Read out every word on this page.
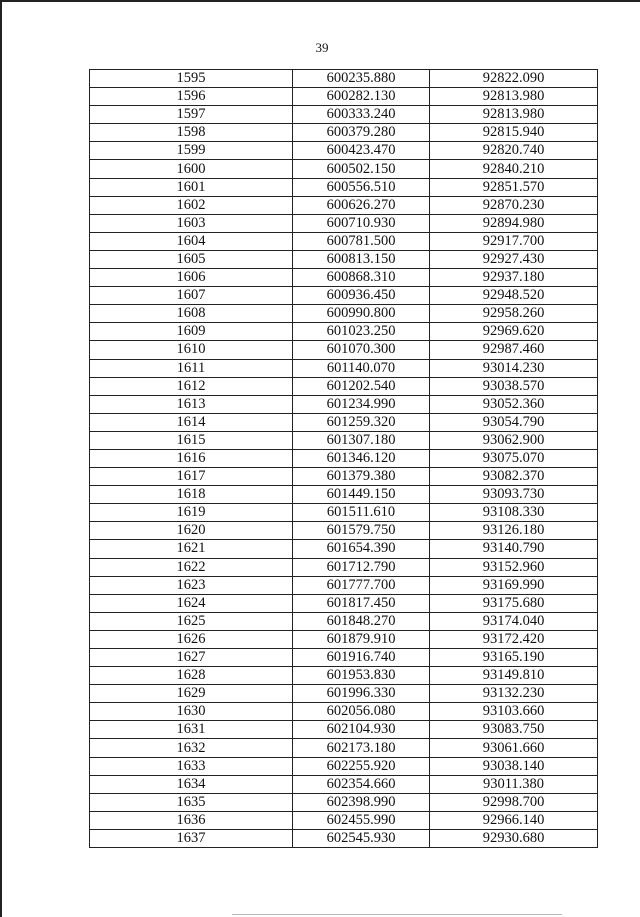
39
1595	600235.880	92822.090
1596	600282.130	92813.980
1597	600333.240	92813.980
1598	600379.280	92815.940
1599	600423.470	92820.740
1600	600502.150	92840.210
1601	600556.510	92851.570
1602	600626.270	92870.230
1603	600710.930	92894.980
1604	600781.500	92917.700
1605	600813.150	92927.430
1606	600868.310	92937.180
1607	600936.450	92948.520
1608	600990.800	92958.260
1609	601023.250	92969.620
1610	601070.300	92987.460
1611	601140.070	93014.230
1612	601202.540	93038.570
1613	601234.990	93052.360
1614	601259.320	93054.790
1615	601307.180	93062.900
1616	601346.120	93075.070
1617	601379.380	93082.370
1618	601449.150	93093.730
1619	601511.610	93108.330
1620	601579.750	93126.180
1621	601654.390	93140.790
1622	601712.790	93152.960
1623	601777.700	93169.990
1624	601817.450	93175.680
1625	601848.270	93174.040
1626	601879.910	93172.420
1627	601916.740	93165.190
1628	601953.830	93149.810
1629	601996.330	93132.230
1630	602056.080	93103.660
1631	602104.930	93083.750
1632	602173.180	93061.660
1633	602255.920	93038.140
1634	602354.660	93011.380
1635	602398.990	92998.700
1636	602455.990	92966.140
1637	602545.930	92930.680
